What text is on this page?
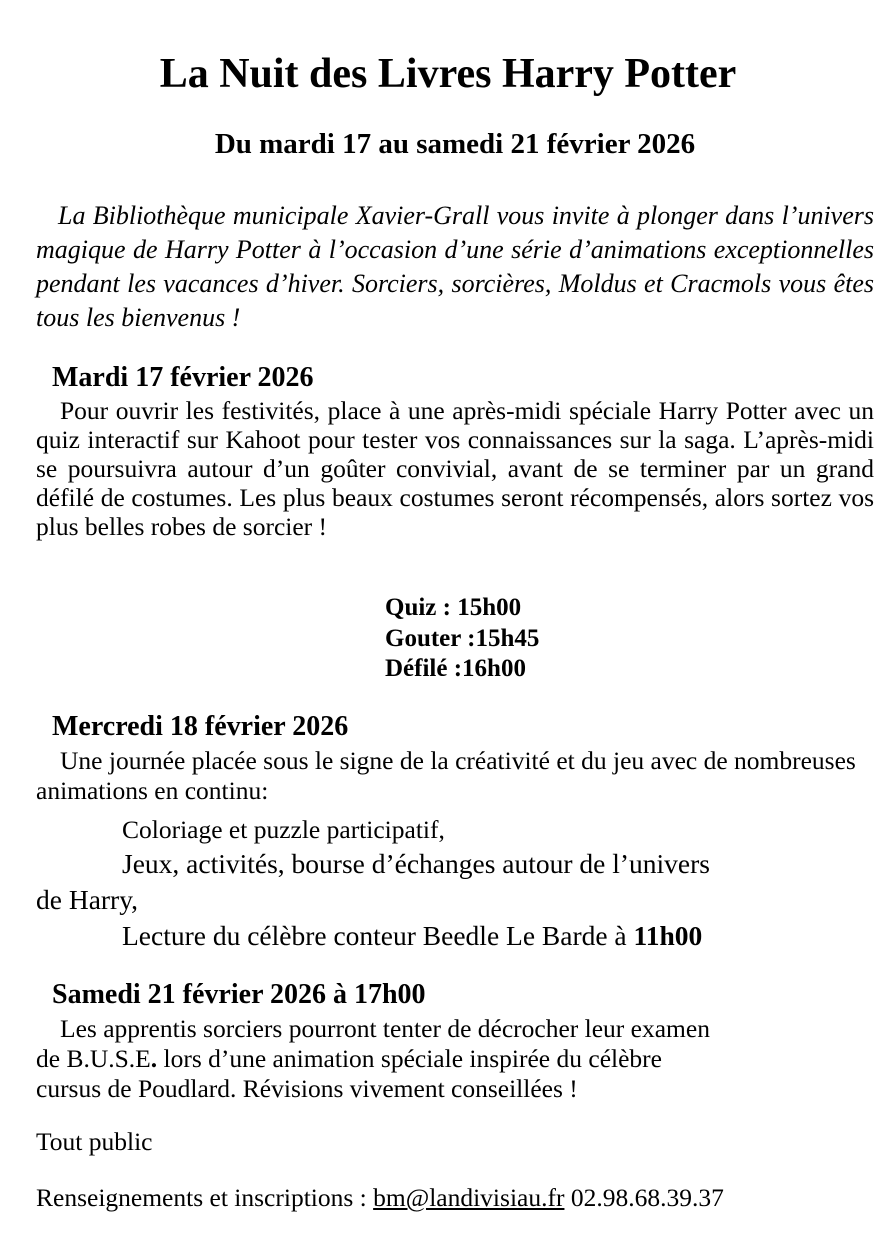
La Nuit des Livres Harry Potter
Du mardi 17 au samedi 21 février 2026

La Bibliothèque municipale Xavier-Grall vous invite à plonger dans l’univers magique de Harry Potter à l’occasion d’une série d’animations exceptionnelles pendant les vacances d’hiver. Sorciers, sorcières, Moldus et Cracmols vous êtes tous les bienvenus !

Mardi 17 février 2026

Pour ouvrir les festivités, place à une après-midi spéciale Harry Potter avec un quiz interactif sur Kahoot pour tester vos connaissances sur la saga. L’après-midi se poursuivra autour d’un goûter convivial, avant de se terminer par un grand défilé de costumes. Les plus beaux costumes seront récompensés, alors sortez vos plus belles robes de sorcier !

Quiz : 15h00
Gouter :15h45
Défilé :16h00
Mercredi 18 février 2026

Une journée placée sous le signe de la créativité et du jeu avec de nombreuses animations en continu:

Coloriage et puzzle participatif,
Jeux, activités, bourse d’échanges autour de l’univers
de Harry,
Lecture du célèbre conteur Beedle Le Barde à 11h00
Samedi 21 février 2026 à 17h00
Les apprentis sorciers pourront tenter de décrocher leur examen
de B.U.S.E. lors d’une animation spéciale inspirée du célèbre
cursus de Poudlard. Révisions vivement conseillées !
Tout public
Renseignements et inscriptions : bm@landivisiau.fr 02.98.68.39.37
